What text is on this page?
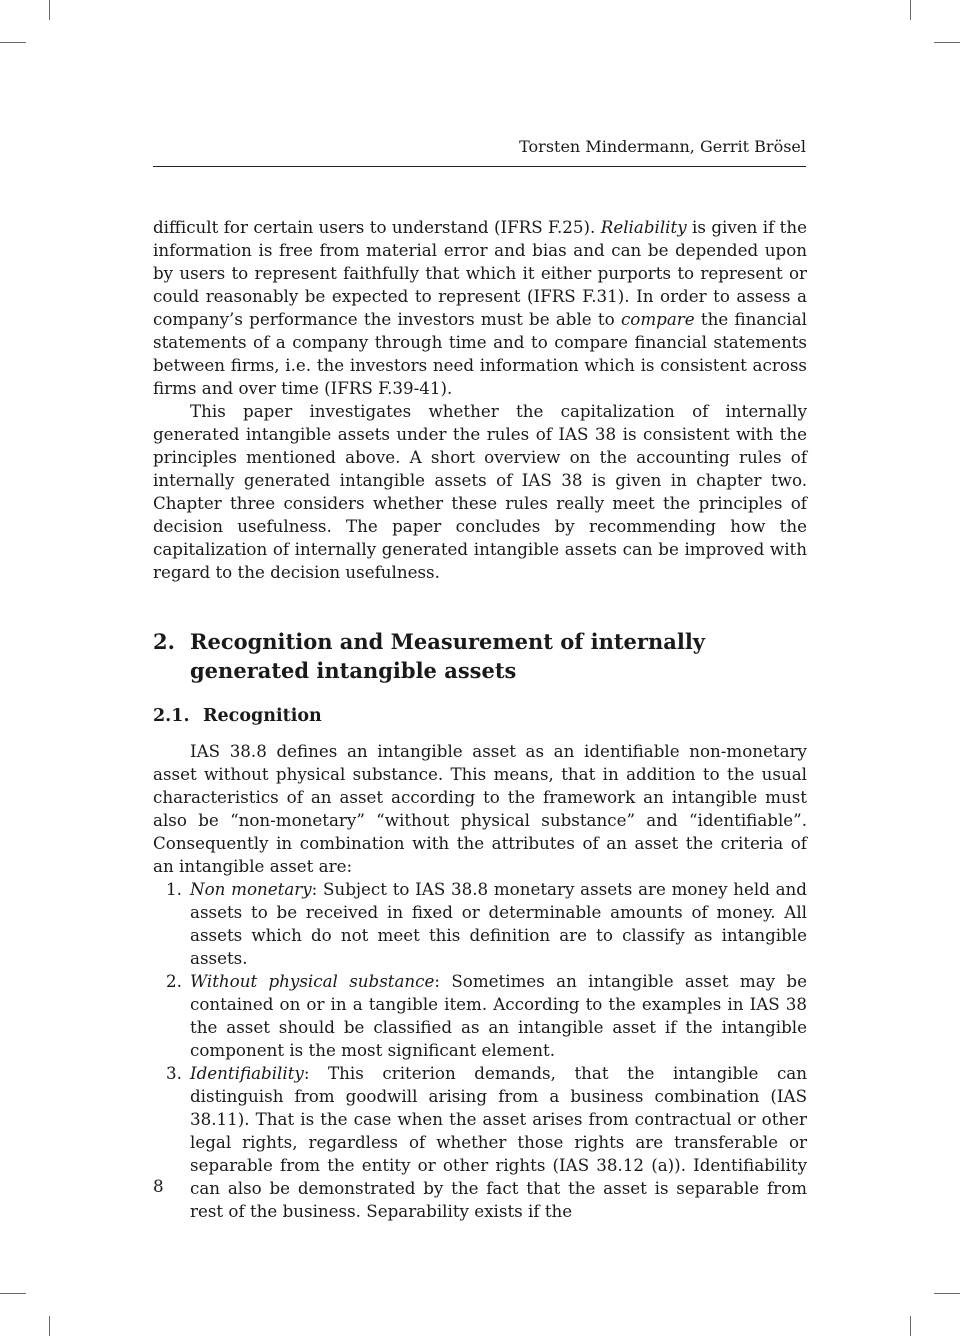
Torsten Mindermann, Gerrit Brösel

difficult for certain users to understand (IFRS F.25). Reliability is given if the information is free from material error and bias and can be depended upon by users to represent faithfully that which it either purports to represent or could reasonably be expected to represent (IFRS F.31). In order to assess a company’s performance the investors must be able to compare the financial statements of a company through time and to compare financial statements between firms, i.e. the investors need information which is consistent across firms and over time (IFRS F.39-41).

This paper investigates whether the capitalization of internally generated intangible assets under the rules of IAS 38 is consistent with the principles mentioned above. A short overview on the accounting rules of internally generated intangible assets of IAS 38 is given in chapter two. Chapter three considers whether these rules really meet the principles of decision usefulness. The paper concludes by recommending how the capitalization of internally generated intangible assets can be improved with regard to the decision usefulness.

2. Recognition and Measurement of internally generated intangible assets
2.1. Recognition

IAS 38.8 defines an intangible asset as an identifiable non-monetary asset without physical substance. This means, that in addition to the usual characteristics of an asset according to the framework an intangible must also be “non-monetary” “without physical substance” and “identifiable”. Consequently in combination with the attributes of an asset the criteria of an intangible asset are:

1. Non monetary: Subject to IAS 38.8 monetary assets are money held and assets to be received in fixed or determinable amounts of money. All assets which do not meet this definition are to classify as intangible assets.
2. Without physical substance: Sometimes an intangible asset may be contained on or in a tangible item. According to the examples in IAS 38 the asset should be classified as an intangible asset if the intangible component is the most significant element.
3. Identifiability: This criterion demands, that the intangible can distinguish from goodwill arising from a business combination (IAS 38.11). That is the case when the asset arises from contractual or other legal rights, regardless of whether those rights are transferable or separable from the entity or other rights (IAS 38.12 (a)). Identifiability can also be demonstrated by the fact that the asset is separable from rest of the business. Separability exists if the
8
